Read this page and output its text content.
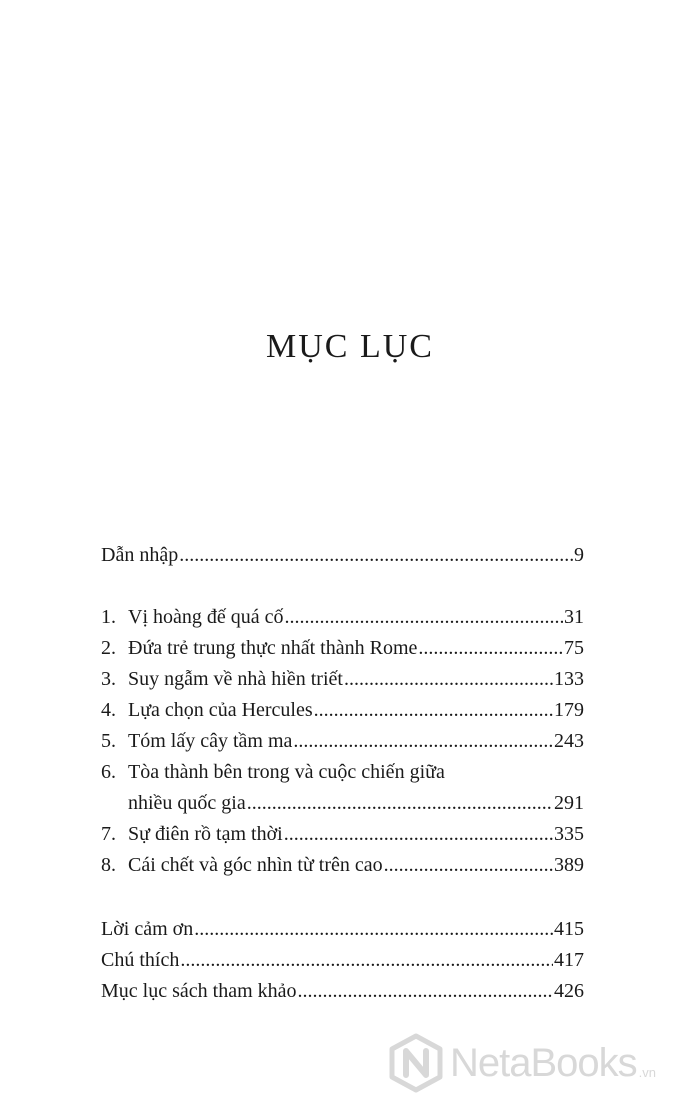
MỤC LỤC
Dẫn nhập .....	9
1. Vị hoàng đế quá cố .....	31
2. Đứa trẻ trung thực nhất thành Rome .....	75
3. Suy ngẫm về nhà hiền triết .....	133
4. Lựa chọn của Hercules .....	179
5. Tóm lấy cây tầm ma .....	243
6. Tòa thành bên trong và cuộc chiến giữa
nhiều quốc gia .....	291
7. Sự điên rồ tạm thời .....	335
8. Cái chết và góc nhìn từ trên cao .....	389
Lời cảm ơn .....	415
Chú thích .....	417
Mục lục sách tham khảo .....	426
NetaBooks .vn
